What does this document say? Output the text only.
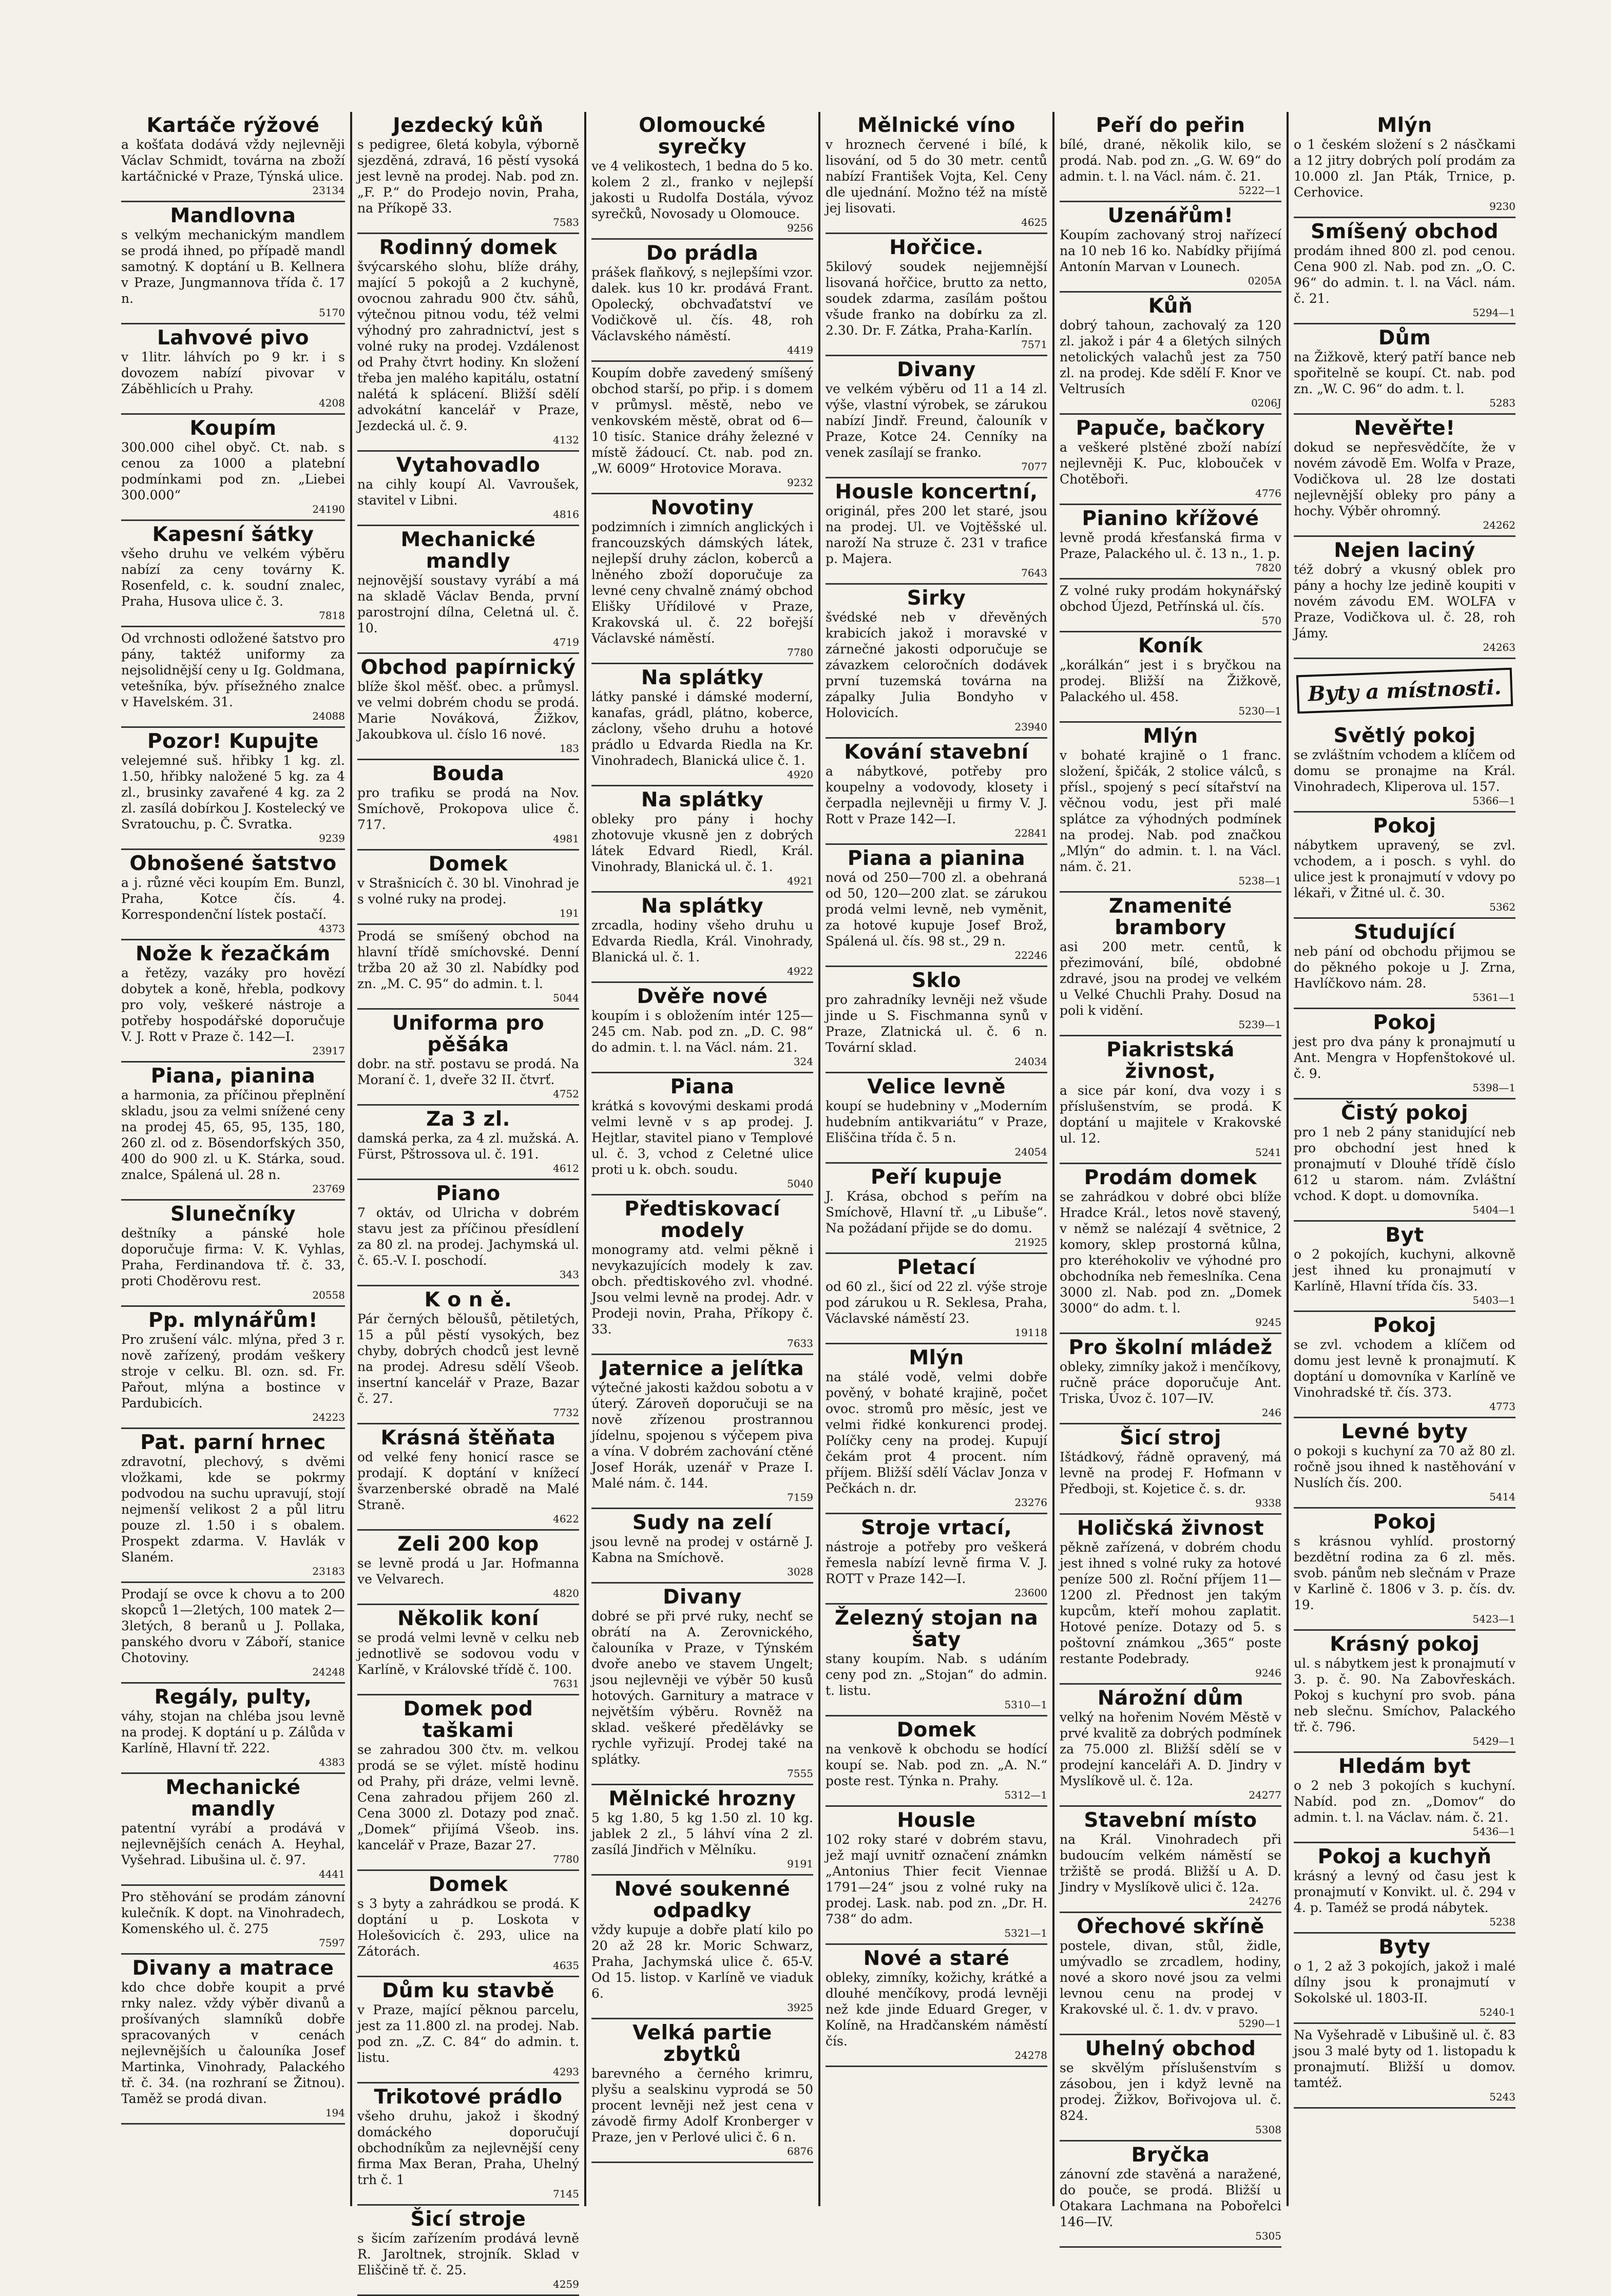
Kartáče rýžové

a košťata dodává vždy nejlevněji Václav Schmidt, továrna na zboží kartáčnické v Praze, Týnská ulice.

23134
Mandlovna

s velkým mechanickým mandlem se prodá ihned, po případě mandl samotný. K doptání u B. Kellnera v Praze, Jungmannova třída č. 17 n.

5170
Lahvové pivo

v 1litr. láhvích po 9 kr. i s dovozem nabízí pivovar v Záběhlicích u Prahy.

4208
Koupím

300.000 cihel obyč. Ct. nab. s cenou za 1000 a platební podmínkami pod zn. „Liebei 300.000“

24190
Kapesní šátky

všeho druhu ve velkém výběru nabízí za ceny továrny K. Rosenfeld, c. k. soudní znalec, Praha, Husova ulice č. 3.

7818

Od vrchnosti odložené šatstvo pro pány, taktéž uniformy za nejsolidnější ceny u Ig. Goldmana, vetešníka, býv. přísežného znalce v Havelském. 31.

24088
Pozor! Kupujte

velejemné suš. hřibky 1 kg. zl. 1.50, hřibky naložené 5 kg. za 4 zl., brusinky zavařené 4 kg. za 2 zl. zasílá dobírkou J. Kostelecký ve Svratouchu, p. Č. Svratka.

9239
Obnošené šatstvo

a j. různé věci koupím Em. Bunzl, Praha, Kotce čís. 4. Korrespondenční lístek postačí.

4373
Nože k řezačkám

a řetězy, vazáky pro hovězí dobytek a koně, hřebla, podkovy pro voly, veškeré nástroje a potřeby hospodářské doporučuje V. J. Rott v Praze č. 142—I.

23917
Piana, pianina

a harmonia, za příčinou přeplnění skladu, jsou za velmi snížené ceny na prodej 45, 65, 95, 135, 180, 260 zl. od z. Bösendorfských 350, 400 do 900 zl. u K. Stárka, soud. znalce, Spálená ul. 28 n.

23769
Slunečníky

deštníky a pánské hole doporučuje firma: V. K. Vyhlas, Praha, Ferdinandova tř. č. 33, proti Choděrovu rest.

20558
Pp. mlynářům!

Pro zrušení válc. mlýna, před 3 r. nově zařízený, prodám veškery stroje v celku. Bl. ozn. sd. Fr. Pařout, mlýna a bostince v Pardubicích.

24223
Pat. parní hrnec

zdravotní, plechový, s dvěmi vložkami, kde se pokrmy podvodou na suchu upravují, stojí nejmenší velikost 2 a půl litru pouze zl. 1.50 i s obalem. Prospekt zdarma. V. Havlák v Slaném.

23183

Prodají se ovce k chovu a to 200 skopců 1—2letých, 100 matek 2—3letých, 8 beranů u J. Pollaka, panského dvoru v Záboří, stanice Chotoviny.

24248
Regály, pulty,

váhy, stojan na chléba jsou levně na prodej. K doptání u p. Zálůda v Karlíně, Hlavní tř. 222.

4383
Mechanické mandly

patentní vyrábí a prodává v nejlevnějších cenách A. Heyhal, Vyšehrad. Libušina ul. č. 97.

4441

Pro stěhování se prodám zánovní kulečník. K dopt. na Vinohradech, Komenského ul. č. 275

7597
Divany a matrace

kdo chce dobře koupit a prvé rnky nalez. vždy výběr divanů a prošívaných slamníků dobře spracovaných v cenách nejlevnějších u čalouníka Josef Martinka, Vinohrady, Palackého tř. č. 34. (na rozhraní se Žitnou). Taměž se prodá divan.

194
Jezdecký kůň

s pedigree, 6letá kobyla, výborně sjezděná, zdravá, 16 pěstí vysoká jest levně na prodej. Nab. pod zn. „F. P.“ do Prodejo novin, Praha, na Příkopě 33.

7583
Rodinný domek

švýcarského slohu, blíže dráhy, mající 5 pokojů a 2 kuchyně, ovocnou zahradu 900 čtv. sáhů, výtečnou pitnou vodu, též velmi výhodný pro zahradnictví, jest s volné ruky na prodej. Vzdálenost od Prahy čtvrt hodiny. Kn složení třeba jen malého kapitálu, ostatní nalétá k splácení. Bližší sdělí advokátní kancelář v Praze, Jezdecká ul. č. 9.

4132
Vytahovadlo

na cihly koupí Al. Vavroušek, stavitel v Libni.

4816
Mechanické mandly

nejnovější soustavy vyrábí a má na skladě Václav Benda, první parostrojní dílna, Celetná ul. č. 10.

4719
Obchod papírnický

blíže škol měšť. obec. a průmysl. ve velmi dobrém chodu se prodá. Marie Nováková, Žižkov, Jakoubkova ul. číslo 16 nové.

183
Bouda

pro trafiku se prodá na Nov. Smíchově, Prokopova ulice č. 717.

4981
Domek

v Strašnicích č. 30 bl. Vinohrad je s volné ruky na prodej.

191

Prodá se smíšený obchod na hlavní třídě smíchovské. Denní tržba 20 až 30 zl. Nabídky pod zn. „M. C. 95“ do admin. t. l.

5044
Uniforma pro pěšáka

dobr. na stř. postavu se prodá. Na Moraní č. 1, dveře 32 II. čtvrť.

4752
Za 3 zl.

damská perka, za 4 zl. mužská. A. Fürst, Pštrossova ul. č. 191.

4612
Piano

7 oktáv, od Ulricha v dobrém stavu jest za příčinou přesídlení za 80 zl. na prodej. Jachymská ul. č. 65.-V. I. poschodí.

343
K o n ě.

Pár černých běloušů, pětiletých, 15 a půl pěstí vysokých, bez chyby, dobrých chodců jest levně na prodej. Adresu sdělí Všeob. insertní kancelář v Praze, Bazar č. 27.

7732
Krásná štěňata

od velké feny honicí rasce se prodají. K doptání v knížecí švarzenberské obradě na Malé Straně.

4622
Zeli 200 kop

se levně prodá u Jar. Hofmanna ve Velvarech.

4820
Několik koní

se prodá velmi levně v celku neb jednotlivě se sodovou vodu v Karlíně, v Královské třídě č. 100.

7631
Domek pod taškami

se zahradou 300 čtv. m. velkou prodá se se výlet. místě hodinu od Prahy, při dráze, velmi levně. Cena zahradou přijem 260 zl. Cena 3000 zl. Dotazy pod znač. „Domek“ přijímá Všeob. ins. kancelář v Praze, Bazar 27.

7780
Domek

s 3 byty a zahrádkou se prodá. K doptání u p. Loskota v Holešovicích č. 293, ulice na Zátorách.

4635
Dům ku stavbě

v Praze, mající pěknou parcelu, jest za 11.800 zl. na prodej. Nab. pod zn. „Z. C. 84“ do admin. t. listu.

4293
Trikotové prádlo

všeho druhu, jakož i škodný domáckého doporučují obchodníkům za nejlevnější ceny firma Max Beran, Praha, Uhelný trh č. 1

7145
Šicí stroje

s šicím zařízením prodává levně R. Jaroltnek, strojník. Sklad v Eliščině tř. č. 25.

4259
Olomoucké syrečky

ve 4 velikostech, 1 bedna do 5 ko. kolem 2 zl., franko v nejlepší jakosti u Rudolfa Dostála, vývoz syrečků, Novosady u Olomouce.

9256
Do prádla

prášek flaňkový, s nejlepšími vzor. dalek. kus 10 kr. prodává Frant. Opolecký, obchvaďatství ve Vodičkově ul. čís. 48, roh Václavského náměstí.

4419

Koupím dobře zavedený smíšený obchod starší, po přip. i s domem v průmysl. městě, nebo ve venkovském městě, obrat od 6—10 tisíc. Stanice dráhy železné v místě žádoucí. Ct. nab. pod zn. „W. 6009“ Hrotovice Morava.

9232
Novotiny

podzimních i zimních anglických i francouzských dámských látek, nejlepší druhy záclon, koberců a lněného zboží doporučuje za levné ceny chvalně známý obchod Elišky Uřídilové v Praze, Krakovská ul. č. 22 bořejší Václavské náměstí.

7780
Na splátky

látky panské i dámské moderní, kanafas, grádl, plátno, koberce, záclony, všeho druhu a hotové prádlo u Edvarda Riedla na Kr. Vinohradech, Blanická ulice č. 1.

4920
Na splátky

obleky pro pány i hochy zhotovuje vkusně jen z dobrých látek Edvard Riedl, Král. Vinohrady, Blanická ul. č. 1.

4921
Na splátky

zrcadla, hodiny všeho druhu u Edvarda Riedla, Král. Vinohrady, Blanická ul. č. 1.

4922
Dvěře nové

koupím i s obložením intér 125—245 cm. Nab. pod zn. „D. C. 98“ do admin. t. l. na Václ. nám. 21.

324
Piana

krátká s kovovými deskami prodá velmi levně v s ap prodej. J. Hejtlar, stavitel piano v Templové ul. č. 3, vchod z Celetné ulice proti u k. obch. soudu.

5040
Předtiskovací modely

monogramy atd. velmi pěkně i nevykazujících modely k zav. obch. předtiskového zvl. vhodné. Jsou velmi levně na prodej. Adr. v Prodeji novin, Praha, Příkopy č. 33.

7633
Jaternice a jelítka

výtečné jakosti každou sobotu a v úterý. Zároveň doporučuji se na nově zřízenou prostrannou jídelnu, spojenou s výčepem piva a vína. V dobrém zachování ctěné Josef Horák, uzenář v Praze I. Malé nám. č. 144.

7159
Sudy na zelí

jsou levně na prodej v ostárně J. Kabna na Smíchově.

3028
Divany

dobré se při prvé ruky, nechť se obrátí na A. Zerovnického, čalouníka v Praze, v Týnském dvoře anebo ve stavem Ungelt; jsou nejlevněji ve výběr 50 kusů hotových. Garnitury a matrace v největším výběru. Rovněž na sklad. veškeré předělávky se rychle vyřizují. Prodej také na splátky.

7555
Mělnické hrozny

5 kg 1.80, 5 kg 1.50 zl. 10 kg. jablek 2 zl., 5 láhví vína 2 zl. zasílá Jindřich v Mělníku.

9191
Nové soukenné odpadky

vždy kupuje a dobře platí kilo po 20 až 28 kr. Moric Schwarz, Praha, Jachymská ulice č. 65-V. Od 15. listop. v Karlíně ve viaduk 6.

3925
Velká partie zbytků

barevného a černého krimru, plyšu a sealskinu vyprodá se 50 procent levněji než jest cena v závodě firmy Adolf Kronberger v Praze, jen v Perlové ulici č. 6 n.

6876
Mělnické víno

v hroznech červené i bílé, k lisování, od 5 do 30 metr. centů nabízí František Vojta, Kel. Ceny dle ujednání. Možno též na místě jej lisovati.

4625
Hořčice.

5kilový soudek nejjemnější lisovaná hořčice, brutto za netto, soudek zdarma, zasílám poštou všude franko na dobírku za zl. 2.30. Dr. F. Zátka, Praha-Karlín.

7571
Divany

ve velkém výběru od 11 a 14 zl. výše, vlastní výrobek, se zárukou nabízí Jindř. Freund, čalouník v Praze, Kotce 24. Cenníky na venek zasílají se franko.

7077
Housle koncertní,

originál, přes 200 let staré, jsou na prodej. Ul. ve Vojtěšské ul. naroží Na struze č. 231 v trafice p. Majera.

7643
Sirky

švédské neb v dřevěných krabicích jakož i moravské v zárnečné jakosti odporučuje se závazkem celoročních dodávek první tuzemská továrna na zápalky Julia Bondyho v Holovicích.

23940
Kování stavební

a nábytkové, potřeby pro koupelny a vodovody, klosety i čerpadla nejlevněji u firmy V. J. Rott v Praze 142—I.

22841
Piana a pianina

nová od 250—700 zl. a obehraná od 50, 120—200 zlat. se zárukou prodá velmi levně, neb vyměnit, za hotové kupuje Josef Brož, Spálená ul. čís. 98 st., 29 n.

22246
Sklo

pro zahradníky levněji než všude jinde u S. Fischmanna synů v Praze, Zlatnická ul. č. 6 n. Tovární sklad.

24034
Velice levně

koupí se hudebniny v „Moderním hudebním antikvariátu“ v Praze, Eliščina třída č. 5 n.

24054
Peří kupuje

J. Krása, obchod s peřím na Smíchově, Hlavní tř. „u Libuše“. Na požádaní přijde se do domu.

21925
Pletací

od 60 zl., šicí od 22 zl. výše stroje pod zárukou u R. Seklesa, Praha, Václavské náměstí 23.

19118
Mlýn

na stálé vodě, velmi dobře pověný, v bohaté krajině, počet ovoc. stromů pro měsíc, jest ve velmi řidké konkurenci prodej. Políčky ceny na prodej. Kupují čekám prot 4 procent. ním příjem. Bližší sdělí Václav Jonza v Pečkách n. dr.

23276
Stroje vrtací,

nástroje a potřeby pro veškerá řemesla nabízí levně firma V. J. ROTT v Praze 142—I.

23600
Železný stojan na šaty

stany koupím. Nab. s udáním ceny pod zn. „Stojan“ do admin. t. listu.

5310—1
Domek

na venkově k obchodu se hodící koupí se. Nab. pod zn. „A. N.“ poste rest. Týnka n. Prahy.

5312—1
Housle

102 roky staré v dobrém stavu, jež mají uvnitř označení známkn „Antonius Thier fecit Viennae 1791—24“ jsou z volné ruky na prodej. Lask. nab. pod zn. „Dr. H. 738“ do adm.

5321—1
Nové a staré

obleky, zimníky, kožichy, krátké a dlouhé menčíkovy, prodá levněji než kde jinde Eduard Greger, v Kolíně, na Hradčanském náměstí čís.

24278
Peří do peřin

bílé, drané, několik kilo, se prodá. Nab. pod zn. „G. W. 69“ do admin. t. l. na Václ. nám. č. 21.

5222—1
Uzenářům!

Koupím zachovaný stroj nařízecí na 10 neb 16 ko. Nabídky přijímá Antonín Marvan v Lounech.

0205A
Kůň

dobrý tahoun, zachovalý za 120 zl. jakož i pár 4 a 6letých silných netolických valachů jest za 750 zl. na prodej. Kde sdělí F. Knor ve Veltrusích

0206J
Papuče, bačkory

a veškeré plstěné zboží nabízí nejlevněji K. Puc, klobouček v Chotěboři.

4776
Pianino křížové

levně prodá křesťanská firma v Praze, Palackého ul. č. 13 n., 1. p.

7820

Z volné ruky prodám hokynářský obchod Újezd, Petřínská ul. čís.

570
Koník

„korálkán“ jest i s bryčkou na prodej. Bližší na Žižkově, Palackého ul. 458.

5230—1
Mlýn

v bohaté krajině o 1 franc. složení, špičák, 2 stolice válců, s přísl., spojený s pecí sítařství na věčnou vodu, jest při malé splátce za výhodných podmínek na prodej. Nab. pod značkou „Mlýn“ do admin. t. l. na Václ. nám. č. 21.

5238—1
Znamenité brambory

asi 200 metr. centů, k přezimování, bílé, obdobné zdravé, jsou na prodej ve velkém u Velké Chuchli Prahy. Dosud na poli k vidění.

5239—1
Piakristská živnost,

a sice pár koní, dva vozy i s příslušenstvím, se prodá. K doptání u majitele v Krakovské ul. 12.

5241
Prodám domek

se zahrádkou v dobré obci blíže Hradce Král., letos nově stavený, v němž se nalézají 4 světnice, 2 komory, sklep prostorná kůlna, pro kteréhokoliv ve výhodné pro obchodníka neb řemeslníka. Cena 3000 zl. Nab. pod zn. „Domek 3000“ do adm. t. l.

9245
Pro školní mládež

obleky, zimníky jakož i menčíkovy, ručně práce doporučuje Ant. Triska, Úvoz č. 107—IV.

246
Šicí stroj

Ištádkový, řádně opravený, má levně na prodej F. Hofmann v Předboji, st. Kojetice č. s. dr.

9338
Holičská živnost

pěkně zařízená, v dobrém chodu jest ihned s volné ruky za hotové peníze 500 zl. Roční příjem 11—1200 zl. Přednost jen takým kupcům, kteří mohou zaplatit. Hotové peníze. Dotazy od 5. s poštovní známkou „365“ poste restante Podebrady.

9246
Nárožní dům

velký na hořenim Novém Městě v prvé kvalitě za dobrých podmínek za 75.000 zl. Bližší sdělí se v prodejní kanceláři A. D. Jindry v Myslíkově ul. č. 12a.

24277
Stavební místo

na Král. Vinohradech při budoucím velkém náměstí se tržiště se prodá. Bližší u A. D. Jindry v Myslíkově ulici č. 12a.

24276
Ořechové skříně

postele, divan, stůl, židle, umývadlo se zrcadlem, hodiny, nové a skoro nové jsou za velmi levnou cenu na prodej v Krakovské ul. č. 1. dv. v pravo.

5290—1
Uhelný obchod

se skvělým příslušenstvím s zásobou, jen i když levně na prodej. Žižkov, Bořivojova ul. č. 824.

5308
Bryčka

zánovní zde stavěná a naražené, do pouče, se prodá. Bližší u Otakara Lachmana na Pobořelci 146—IV.

5305
Mlýn

o 1 českém složení s 2 násčkami a 12 jitry dobrých polí prodám za 10.000 zl. Jan Pták, Trnice, p. Cerhovice.

9230
Smíšený obchod

prodám ihned 800 zl. pod cenou. Cena 900 zl. Nab. pod zn. „O. C. 96“ do admin. t. l. na Václ. nám. č. 21.

5294—1
Dům

na Žižkově, který patří bance neb spořitelně se koupí. Ct. nab. pod zn. „W. C. 96“ do adm. t. l.

5283
Nevěřte!

dokud se nepřesvědčíte, že v novém závodě Em. Wolfa v Praze, Vodičkova ul. 28 lze dostati nejlevnější obleky pro pány a hochy. Výběr ohromný.

24262
Nejen laciný

též dobrý a vkusný oblek pro pány a hochy lze jedině koupiti v novém závodu EM. WOLFA v Praze, Vodičkova ul. č. 28, roh Jámy.

24263
Byty a místnosti.
Světlý pokoj

se zvláštním vchodem a klíčem od domu se pronajme na Král. Vinohradech, Kliperova ul. 157.

5366—1
Pokoj

nábytkem upravený, se zvl. vchodem, a i posch. s vyhl. do ulice jest k pronajmutí v vdovy po lékaři, v Žitné ul. č. 30.

5362
Studující

neb pání od obchodu přijmou se do pěkného pokoje u J. Zrna, Havlíčkovo nám. 28.

5361—1
Pokoj

jest pro dva pány k pronajmutí u Ant. Mengra v Hopfenštokové ul. č. 9.

5398—1
Čistý pokoj

pro 1 neb 2 pány stanidující neb pro obchodní jest hned k pronajmutí v Dlouhé třídě číslo 612 u starom. nám. Zvláštní vchod. K dopt. u domovníka.

5404—1
Byt

o 2 pokojích, kuchyni, alkovně jest ihned ku pronajmutí v Karlíně, Hlavní třída čís. 33.

5403—1
Pokoj

se zvl. vchodem a klíčem od domu jest levně k pronajmutí. K doptání u domovníka v Karlíně ve Vinohradské tř. čís. 373.

4773
Levné byty

o pokoji s kuchyní za 70 až 80 zl. ročně jsou ihned k nastěhování v Nuslích čís. 200.

5414
Pokoj

s krásnou vyhlíd. prostorný bezdětní rodina za 6 zl. měs. svob. pánům neb slečnám v Praze v Karlině č. 1806 v 3. p. čís. dv. 19.

5423—1
Krásný pokoj

ul. s nábytkem jest k pronajmutí v 3. p. č. 90. Na Zabovřeskách. Pokoj s kuchyní pro svob. pána neb slečnu. Smíchov, Palackého tř. č. 796.

5429—1
Hledám byt

o 2 neb 3 pokojích s kuchyní. Nabíd. pod zn. „Domov“ do admin. t. l. na Václav. nám. č. 21.

5436—1
Pokoj a kuchyň

krásný a levný od času jest k pronajmutí v Konvikt. ul. č. 294 v 4. p. Taméž se prodá nábytek.

5238
Byty

o 1, 2 až 3 pokojích, jakož i malé dílny jsou k pronajmutí v Sokolské ul. 1803-II.

5240-1

Na Vyšehradě v Libušině ul. č. 83 jsou 3 malé byty od 1. listopadu k pronajmutí. Bližší u domov. tamtéž.

5243
